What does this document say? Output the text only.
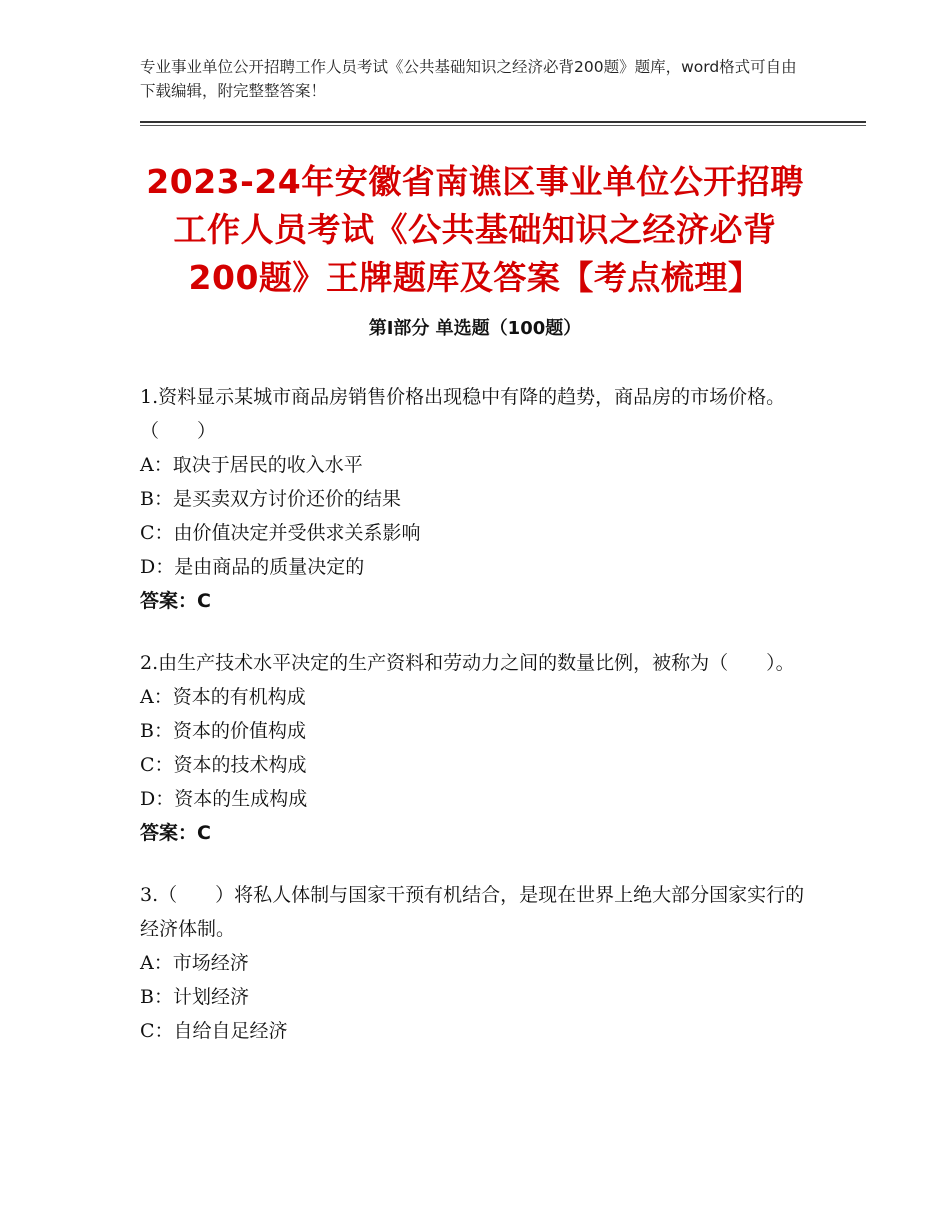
专业事业单位公开招聘工作人员考试《公共基础知识之经济必背200题》题库，word格式可自由下载编辑，附完整整答案！
2023-24年安徽省南谯区事业单位公开招聘
工作人员考试《公共基础知识之经济必背
200题》王牌题库及答案【考点梳理】
第Ⅰ部分 单选题（100题）

1.资料显示某城市商品房销售价格出现稳中有降的趋势，商品房的市场价格。（　　）

A：取决于居民的收入水平

B：是买卖双方讨价还价的结果

C：由价值决定并受供求关系影响

D：是由商品的质量决定的

答案：C

2.由生产技术水平决定的生产资料和劳动力之间的数量比例，被称为（　　）。

A：资本的有机构成

B：资本的价值构成

C：资本的技术构成

D：资本的生成构成

答案：C

3.（　　）将私人体制与国家干预有机结合，是现在世界上绝大部分国家实行的经济体制。

A：市场经济

B：计划经济

C：自给自足经济
